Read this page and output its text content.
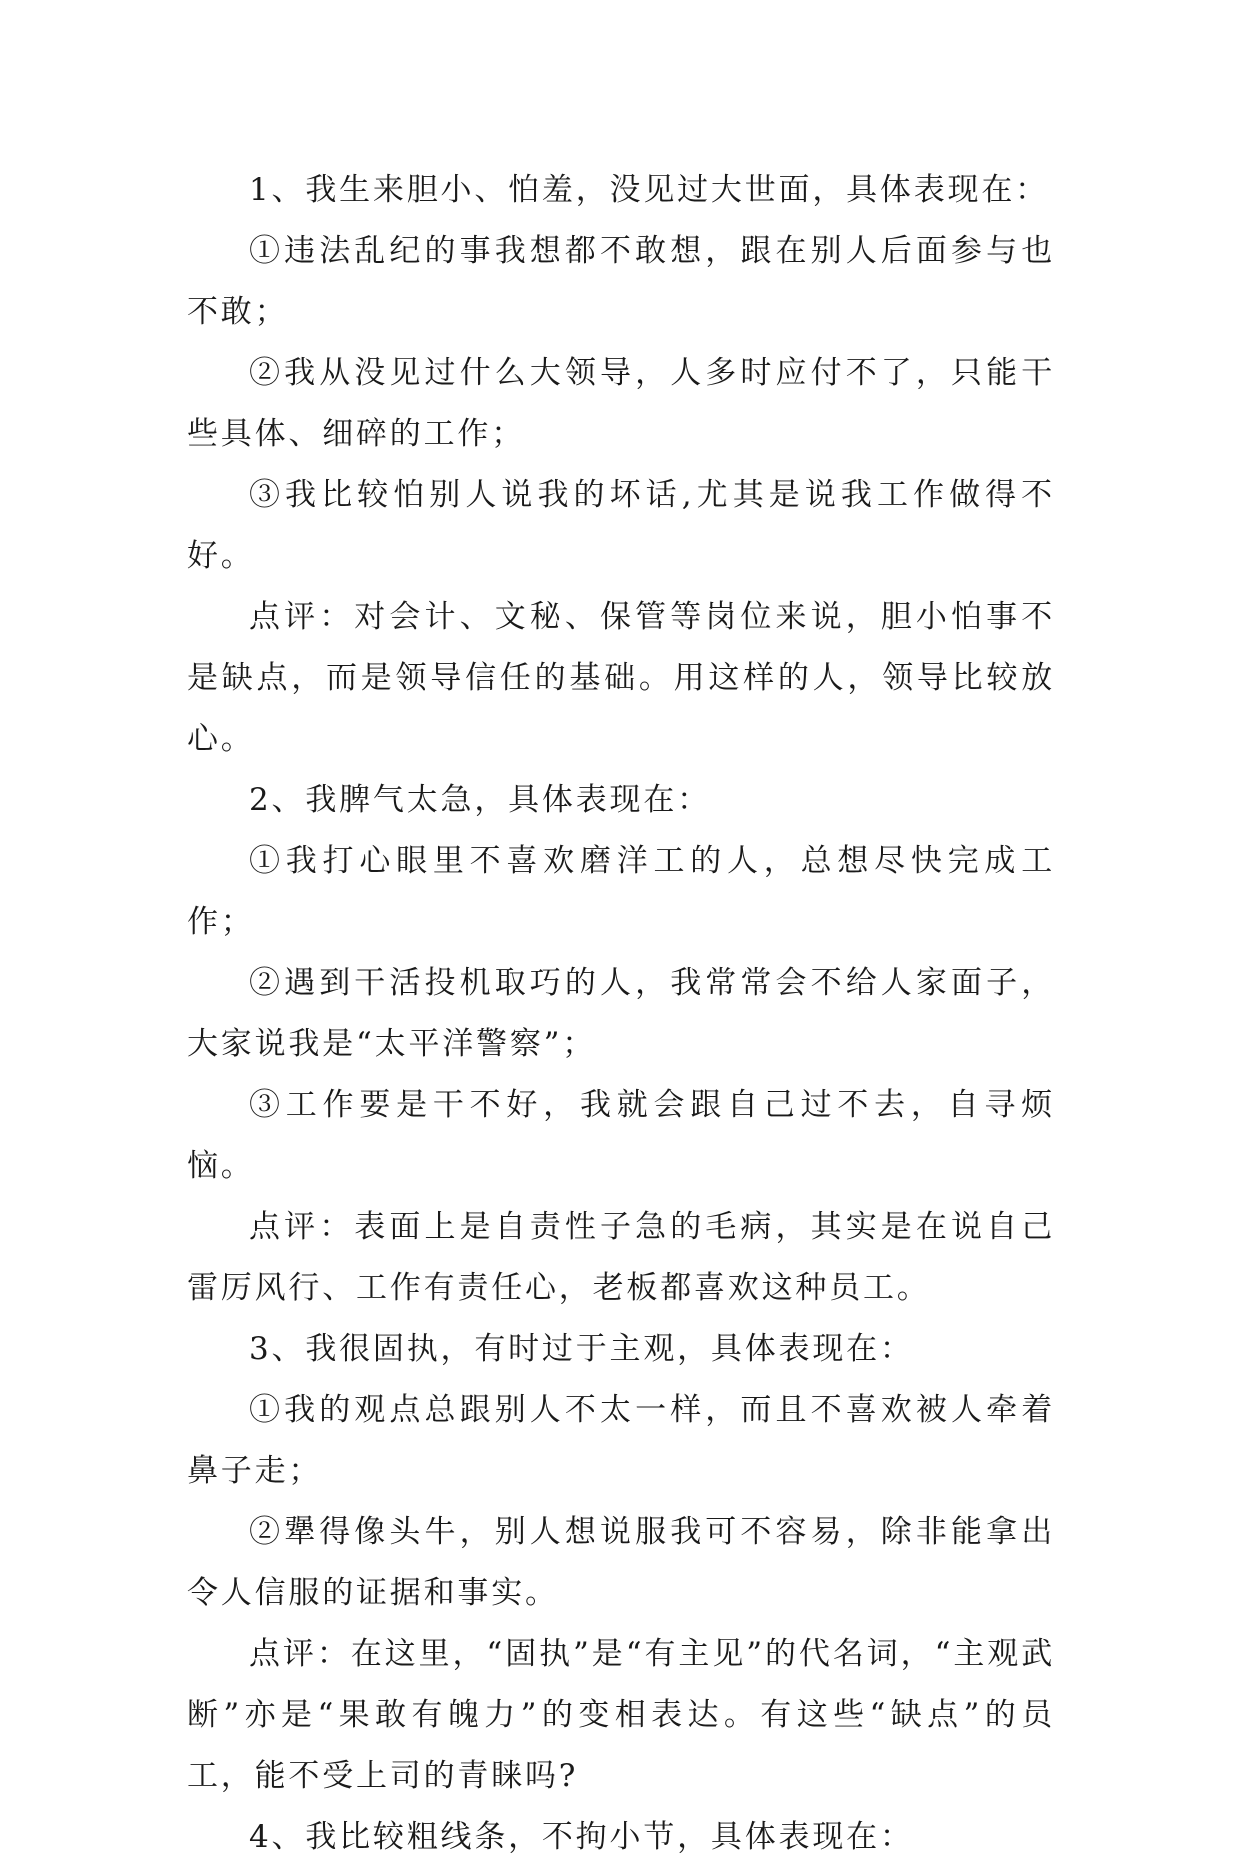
1、我生来胆小、怕羞，没见过大世面，具体表现在：

①违法乱纪的事我想都不敢想，跟在别人后面参与也不敢；

②我从没见过什么大领导，人多时应付不了，只能干些具体、细碎的工作；

③我比较怕别人说我的坏话,尤其是说我工作做得不好。

点评：对会计、文秘、保管等岗位来说，胆小怕事不是缺点，而是领导信任的基础。用这样的人，领导比较放心。

2、我脾气太急，具体表现在：

①我打心眼里不喜欢磨洋工的人，总想尽快完成工作；

②遇到干活投机取巧的人，我常常会不给人家面子，大家说我是“太平洋警察”；

③工作要是干不好，我就会跟自己过不去，自寻烦恼。

点评：表面上是自责性子急的毛病，其实是在说自己雷厉风行、工作有责任心，老板都喜欢这种员工。

3、我很固执，有时过于主观，具体表现在：

①我的观点总跟别人不太一样，而且不喜欢被人牵着鼻子走；

②犟得像头牛，别人想说服我可不容易，除非能拿出令人信服的证据和事实。

点评：在这里，“固执”是“有主见”的代名词，“主观武断”亦是“果敢有魄力”的变相表达。有这些“缺点”的员工，能不受上司的青睐吗?

4、我比较粗线条，不拘小节，具体表现在：
